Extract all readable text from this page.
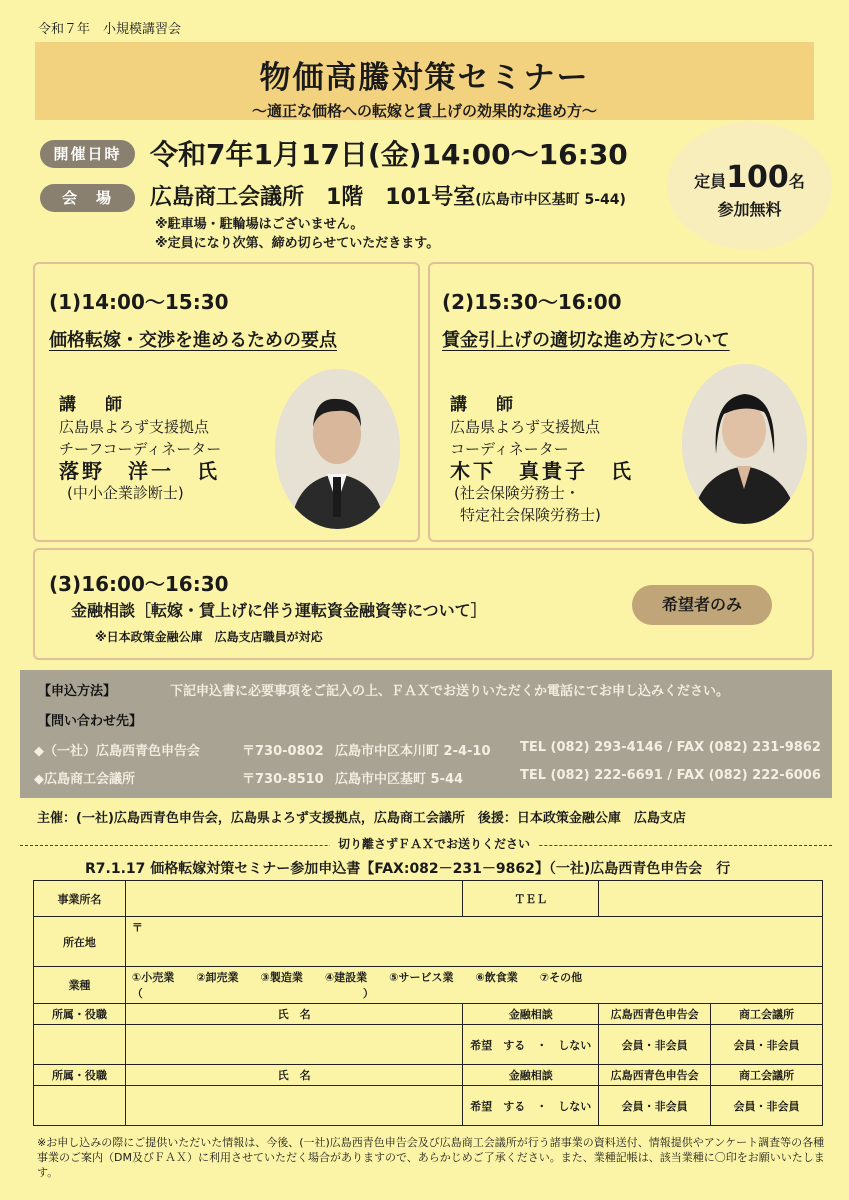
令和７年　小規模講習会
物価高騰対策セミナー
～適正な価格への転嫁と賃上げの効果的な進め方～
開催日時	令和7年1月17日(金)14:00～16:30
会　場	広島商工会議所　1階　101号室(広島市中区基町 5-44)
※駐車場・駐輪場はございません。
※定員になり次第、締め切らせていただきます。
定員100名
参加無料
(1)14:00～15:30
価格転嫁・交渉を進めるための要点
講　師
広島県よろず支援拠点
チーフコーディネーター
落野　洋一　氏
(中小企業診断士)
(2)15:30～16:00
賃金引上げの適切な進め方について
講　師
広島県よろず支援拠点
コーディネーター
木下　真貴子　氏
(社会保険労務士・
特定社会保険労務士)
(3)16:00～16:30
金融相談［転嫁・賃上げに伴う運転資金融資等について］
※日本政策金融公庫　広島支店職員が対応
希望者のみ
【申込方法】	下記申込書に必要事項をご記入の上、ＦＡＸでお送りいただくか電話にてお申し込みください。
【問い合わせ先】
◆（一社）広島西青色申告会	〒730-0802 広島市中区本川町 2-4-10 TEL (082) 293-4146 / FAX (082) 231-9862
◆広島商工会議所	〒730-8510 広島市中区基町 5-44	TEL (082) 222-6691 / FAX (082) 222-6006
主催：(一社)広島西青色申告会，広島県よろず支援拠点，広島商工会議所　後援：日本政策金融公庫　広島支店
切り離さずＦＡＸでお送りください
R7.1.17 価格転嫁対策セミナー参加申込書【FAX:082－231－9862】（一社)広島西青色申告会　行
事業所名		ＴＥＬ		
所在地	〒			
業種	①小売業　　②卸売業　　③製造業　　④建設業　　⑤サービス業　　⑥飲食業　　⑦その他（　　　　　　　　　　　　　　　　　　　　）			
所属・役職	氏　名	金融相談	広島西青色申告会	商工会議所
		希望　する　・　しない	会員・非会員	会員・非会員
所属・役職	氏　名	金融相談	広島西青色申告会	商工会議所
		希望　する　・　しない	会員・非会員	会員・非会員
※お申し込みの際にご提供いただいた情報は、今後、(一社)広島西青色申告会及び広島商工会議所が行う諸事業の資料送付、情報提供やアンケート調査等の各種事業のご案内（DM及びＦＡＸ）に利用させていただく場合がありますので、あらかじめご了承ください。また、業種記帳は、該当業種に〇印をお願いいたします。
